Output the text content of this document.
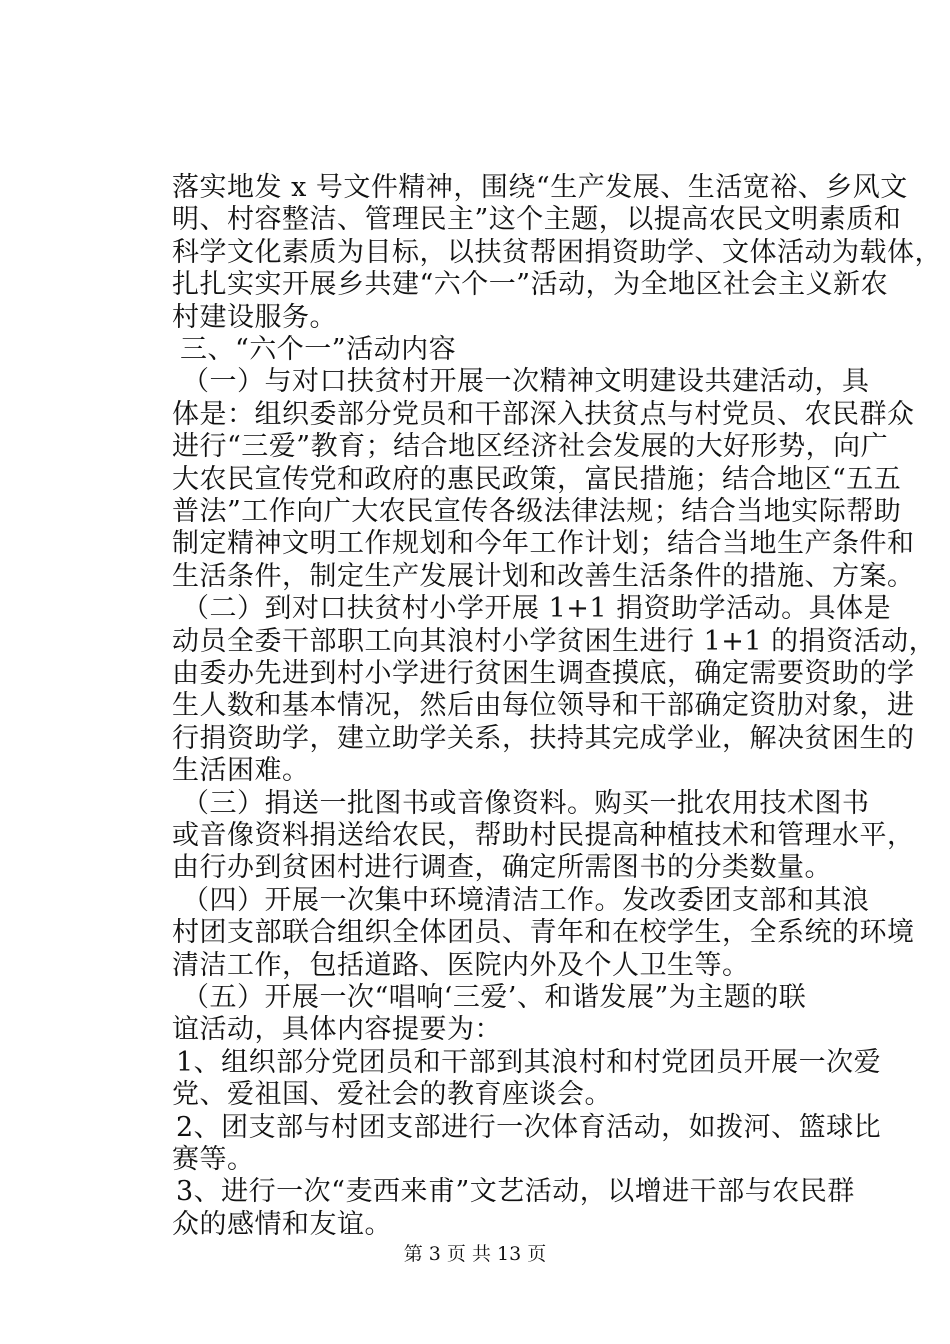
落实地发 x 号文件精神，围绕“生产发展、生活宽裕、乡风文
明、村容整洁、管理民主”这个主题，以提高农民文明素质和
科学文化素质为目标，以扶贫帮困捐资助学、文体活动为载体，
扎扎实实开展乡共建“六个一”活动，为全地区社会主义新农
村建设服务。
三、“六个一”活动内容
（一）与对口扶贫村开展一次精神文明建设共建活动，具
体是：组织委部分党员和干部深入扶贫点与村党员、农民群众
进行“三爱”教育；结合地区经济社会发展的大好形势，向广
大农民宣传党和政府的惠民政策，富民措施；结合地区“五五
普法”工作向广大农民宣传各级法律法规；结合当地实际帮助
制定精神文明工作规划和今年工作计划；结合当地生产条件和
生活条件，制定生产发展计划和改善生活条件的措施、方案。
（二）到对口扶贫村小学开展 1+1 捐资助学活动。具体是
动员全委干部职工向其浪村小学贫困生进行 1+1 的捐资活动，
由委办先进到村小学进行贫困生调查摸底，确定需要资助的学
生人数和基本情况，然后由每位领导和干部确定资肋对象，进
行捐资助学，建立助学关系，扶持其完成学业，解决贫困生的
生活困难。
（三）捐送一批图书或音像资料。购买一批农用技术图书
或音像资料捐送给农民，帮助村民提高种植技术和管理水平，
由行办到贫困村进行调查，确定所需图书的分类数量。
（四）开展一次集中环境清洁工作。发改委团支部和其浪
村团支部联合组织全体团员、青年和在校学生，全系统的环境
清洁工作，包括道路、医院内外及个人卫生等。
（五）开展一次“唱响‘三爱’、和谐发展”为主题的联
谊活动，具体内容提要为：
1、组织部分党团员和干部到其浪村和村党团员开展一次爱
党、爱祖国、爱社会的教育座谈会。
2、团支部与村团支部进行一次体育活动，如拨河、篮球比
赛等。
3、进行一次“麦西来甫”文艺活动，以增进干部与农民群
众的感情和友谊。
第 3 页 共 13 页
